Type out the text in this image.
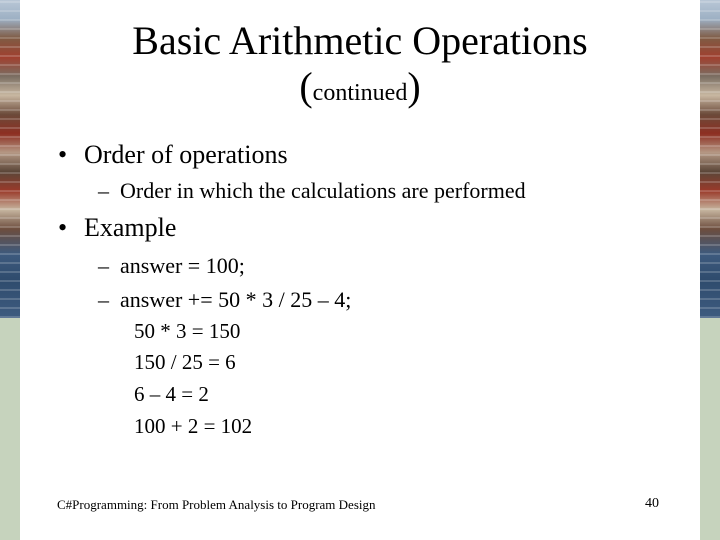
Basic Arithmetic Operations
(continued)
• Order of operations
– Order in which the calculations are performed
• Example
– answer = 100;
– answer += 50 * 3 / 25 – 4;
50 * 3 = 150
150 / 25 = 6
6 – 4 = 2
100 + 2 = 102
C#Programming: From Problem Analysis to Program Design	40
